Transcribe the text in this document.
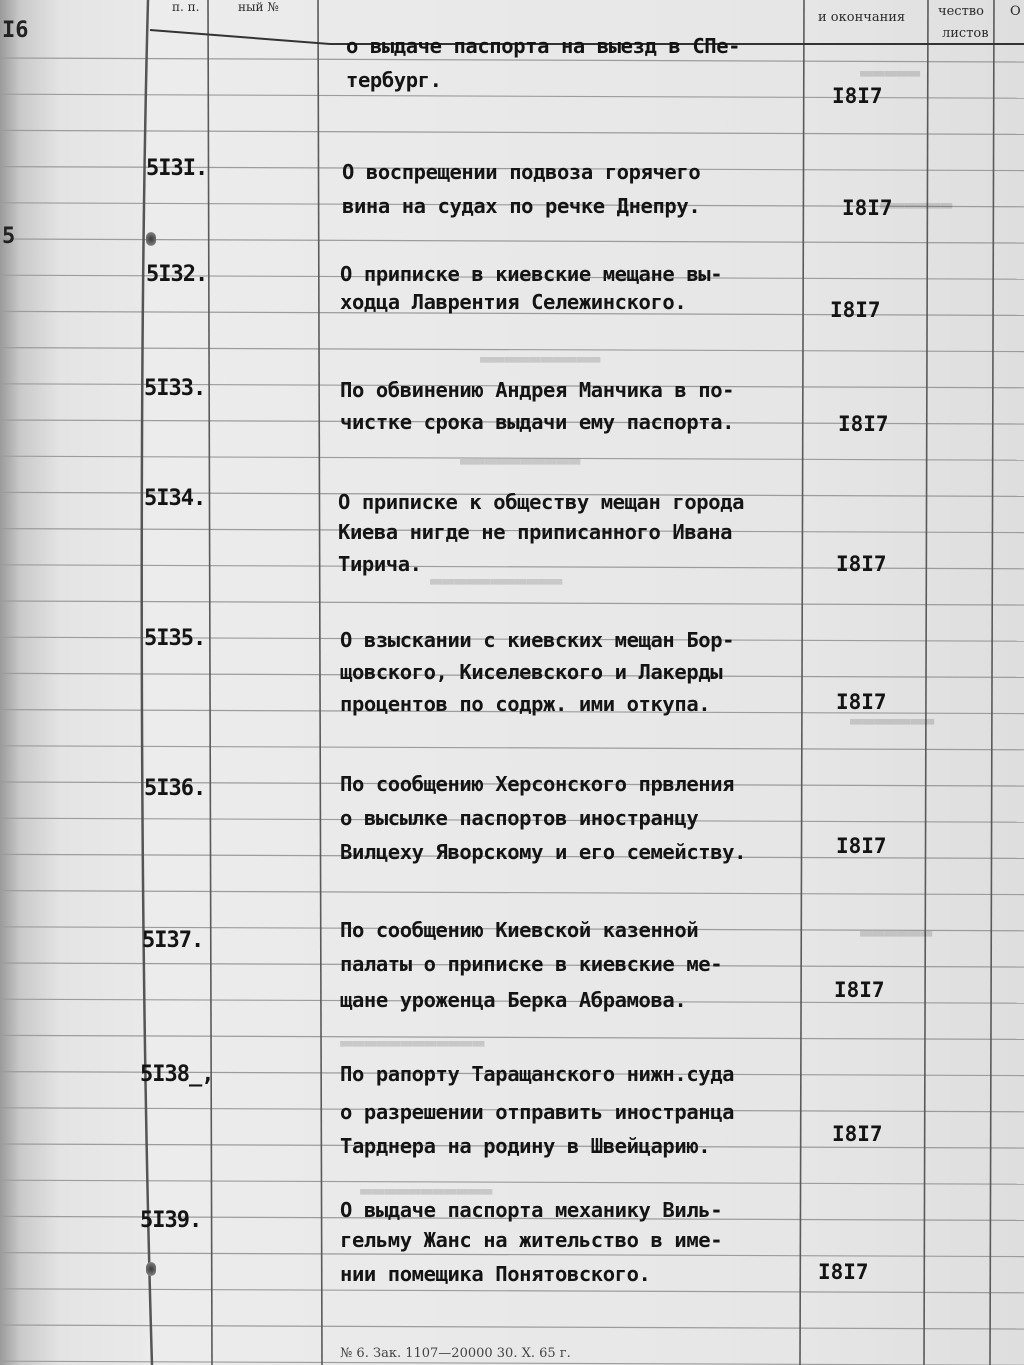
I6
5
п. п.	ный №
и окончания	чество
листов
О
▬▬▬▬▬
▬▬▬▬▬▬
▬▬▬▬▬▬▬▬▬▬
▬▬▬▬▬▬▬▬▬▬
▬▬▬▬▬▬▬▬▬▬▬
▬▬▬▬▬▬▬
▬▬▬▬▬▬
▬▬▬▬▬▬▬▬▬▬▬▬
▬▬▬▬▬▬▬▬▬▬▬
о выдаче паспорта на выезд в СПе-
тербург.
I8I7
5I3I.	О воспрещении подвоза горячего
вина на судах по речке Днепру.	I8I7
5I32.	О приписке в киевские мещане вы-
ходца Лаврентия Сележинского.	I8I7
5I33.	По обвинению Андрея Манчика в по-
чистке срока выдачи ему паспорта.	I8I7
5I34.	О приписке к обществу мещан города
Киева нигде не приписанного Ивана
Тирича.	I8I7
5I35.	О взыскании с киевских мещан Бор-
щовского, Киселевского и Лакерды
процентов по содрж. ими откупа.	I8I7
5I36.	По сообщению Херсонского првления
о высылке паспортов иностранцу
Вилцеху Яворскому и его семейству.	I8I7
5I37.	По сообщению Киевской казенной
палаты о приписке в киевские ме-
щане уроженца Берка Абрамова.	I8I7
5I38_,	По рапорту Таращанского нижн.суда
о разрешении отправить иностранца
Тарднера на родину в Швейцарию.	I8I7
5I39.	О выдаче паспорта механику Виль-
гельму Жанс на жительство в име-
нии помещика Понятовского.	I8I7
№ 6. Зак. 1107—20000 30. X. 65 г.
